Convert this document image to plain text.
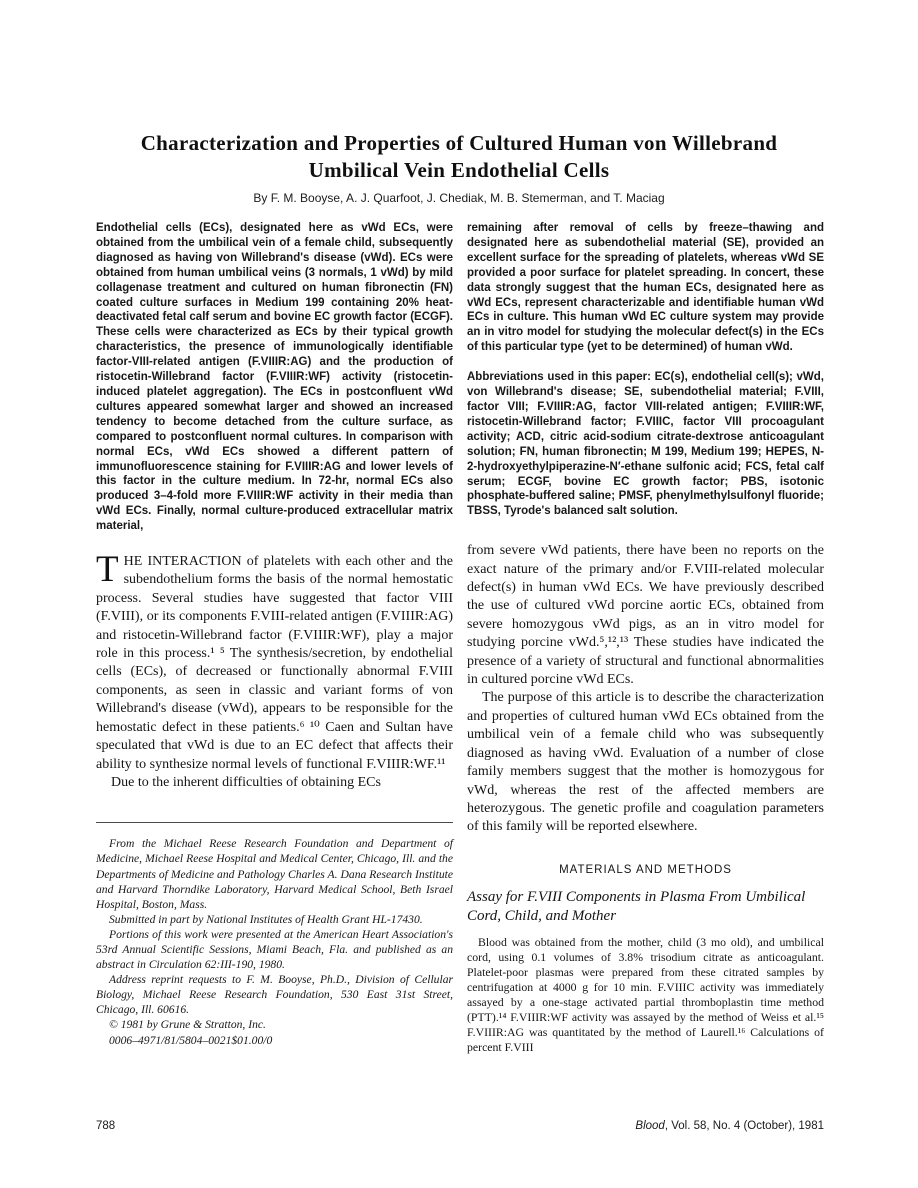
Characterization and Properties of Cultured Human von Willebrand
Umbilical Vein Endothelial Cells
By F. M. Booyse, A. J. Quarfoot, J. Chediak, M. B. Stemerman, and T. Maciag

Endothelial cells (ECs), designated here as vWd ECs, were obtained from the umbilical vein of a female child, subsequently diagnosed as having von Willebrand's disease (vWd). ECs were obtained from human umbilical veins (3 normals, 1 vWd) by mild collagenase treatment and cultured on human fibronectin (FN) coated culture surfaces in Medium 199 containing 20% heat-deactivated fetal calf serum and bovine EC growth factor (ECGF). These cells were characterized as ECs by their typical growth characteristics, the presence of immunologically identifiable factor-VIII-related antigen (F.VIIIR:AG) and the production of ristocetin-Willebrand factor (F.VIIIR:WF) activity (ristocetin-induced platelet aggregation). The ECs in postconfluent vWd cultures appeared somewhat larger and showed an increased tendency to become detached from the culture surface, as compared to postconfluent normal cultures. In comparison with normal ECs, vWd ECs showed a different pattern of immunofluorescence staining for F.VIIIR:AG and lower levels of this factor in the culture medium. In 72-hr, normal ECs also produced 3–4-fold more F.VIIIR:WF activity in their media than vWd ECs. Finally, normal culture-produced extracellular matrix material,

THE INTERACTION of platelets with each other and the subendothelium forms the basis of the normal hemostatic process. Several studies have suggested that factor VIII (F.VIII), or its components F.VIII-related antigen (F.VIIIR:AG) and ristocetin-Willebrand factor (F.VIIIR:WF), play a major role in this process.¹ ⁵ The synthesis/secretion, by endothelial cells (ECs), of decreased or functionally abnormal F.VIII components, as seen in classic and variant forms of von Willebrand's disease (vWd), appears to be responsible for the hemostatic defect in these patients.⁶ ¹⁰ Caen and Sultan have speculated that vWd is due to an EC defect that affects their ability to synthesize normal levels of functional F.VIIIR:WF.¹¹

Due to the inherent difficulties of obtaining ECs

From the Michael Reese Research Foundation and Department of Medicine, Michael Reese Hospital and Medical Center, Chicago, Ill. and the Departments of Medicine and Pathology Charles A. Dana Research Institute and Harvard Thorndike Laboratory, Harvard Medical School, Beth Israel Hospital, Boston, Mass.

Submitted in part by National Institutes of Health Grant HL-17430.

Portions of this work were presented at the American Heart Association's 53rd Annual Scientific Sessions, Miami Beach, Fla. and published as an abstract in Circulation 62:III-190, 1980.

Address reprint requests to F. M. Booyse, Ph.D., Division of Cellular Biology, Michael Reese Research Foundation, 530 East 31st Street, Chicago, Ill. 60616.

© 1981 by Grune & Stratton, Inc.

0006–4971/81/5804–0021$01.00/0

remaining after removal of cells by freeze–thawing and designated here as subendothelial material (SE), provided an excellent surface for the spreading of platelets, whereas vWd SE provided a poor surface for platelet spreading. In concert, these data strongly suggest that the human ECs, designated here as vWd ECs, represent characterizable and identifiable human vWd ECs in culture. This human vWd EC culture system may provide an in vitro model for studying the molecular defect(s) in the ECs of this particular type (yet to be determined) of human vWd.

Abbreviations used in this paper: EC(s), endothelial cell(s); vWd, von Willebrand's disease; SE, subendothelial material; F.VIII, factor VIII; F.VIIIR:AG, factor VIII-related antigen; F.VIIIR:WF, ristocetin-Willebrand factor; F.VIIIC, factor VIII procoagulant activity; ACD, citric acid-sodium citrate-dextrose anticoagulant solution; FN, human fibronectin; M 199, Medium 199; HEPES, N-2-hydroxyethylpiperazine-N′-ethane sulfonic acid; FCS, fetal calf serum; ECGF, bovine EC growth factor; PBS, isotonic phosphate-buffered saline; PMSF, phenylmethylsulfonyl fluoride; TBSS, Tyrode's balanced salt solution.

from severe vWd patients, there have been no reports on the exact nature of the primary and/or F.VIII-related molecular defect(s) in human vWd ECs. We have previously described the use of cultured vWd porcine aortic ECs, obtained from severe homozygous vWd pigs, as an in vitro model for studying porcine vWd.⁵,¹²,¹³ These studies have indicated the presence of a variety of structural and functional abnormalities in cultured porcine vWd ECs.

The purpose of this article is to describe the characterization and properties of cultured human vWd ECs obtained from the umbilical vein of a female child who was subsequently diagnosed as having vWd. Evaluation of a number of close family members suggest that the mother is homozygous for vWd, whereas the rest of the affected members are heterozygous. The genetic profile and coagulation parameters of this family will be reported elsewhere.

MATERIALS AND METHODS
Assay for F.VIII Components in Plasma From Umbilical Cord, Child, and Mother

Blood was obtained from the mother, child (3 mo old), and umbilical cord, using 0.1 volumes of 3.8% trisodium citrate as anticoagulant. Platelet-poor plasmas were prepared from these citrated samples by centrifugation at 4000 g for 10 min. F.VIIIC activity was immediately assayed by a one-stage activated partial thromboplastin time method (PTT).¹⁴ F.VIIIR:WF activity was assayed by the method of Weiss et al.¹⁵ F.VIIIR:AG was quantitated by the method of Laurell.¹⁶ Calculations of percent F.VIII

788	Blood, Vol. 58, No. 4 (October), 1981
